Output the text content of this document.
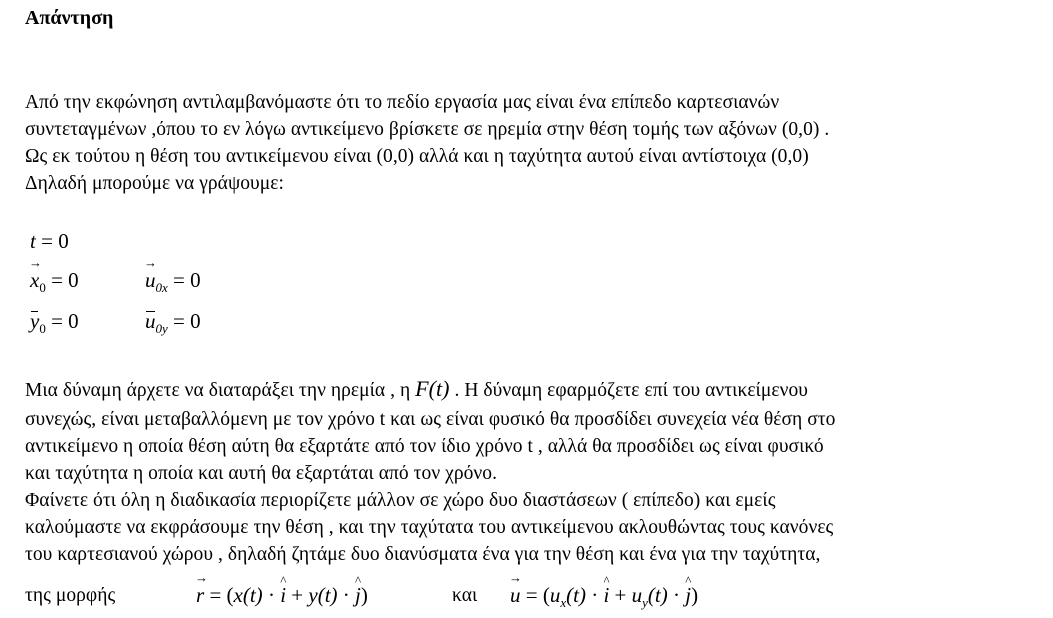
Απάντηση
Από την εκφώνηση αντιλαμβανόμαστε ότι το πεδίο εργασία μας είναι ένα επίπεδο καρτεσιανών
συντεταγμένων ,όπου το εν λόγω αντικείμενο βρίσκετε σε ηρεμία στην θέση τομής των αξόνων (0,0) .
Ως εκ τούτου η θέση του αντικείμενου είναι (0,0) αλλά και η ταχύτητα αυτού είναι αντίστοιχα (0,0)
Δηλαδή μπορούμε να γράψουμε:
t = 0
→ $x_0 = 0$
→	$u_{0x} = 0$
$y_0 = 0$	$u_{0y} = 0$
Μια δύναμη άρχετε να διαταράξει την ηρεμία , η F(t) . Η δύναμη εφαρμόζετε επί του αντικείμενου
συνεχώς, είναι μεταβαλλόμενη με τον χρόνο t και ως είναι φυσικό θα προσδίδει συνεχεία νέα θέση στο
αντικείμενο η οποία θέση αύτη θα εξαρτάτε από τον ίδιο χρόνο t , αλλά θα προσδίδει ως είναι φυσικό
και ταχύτητα η οποία και αυτή θα εξαρτάται από τον χρόνο.
Φαίνετε ότι όλη η διαδικασία περιορίζετε μάλλον σε χώρο δυο διαστάσεων ( επίπεδο) και εμείς
καλούμαστε να εκφράσουμε την θέση , και την ταχύτατα του αντικείμενου ακλουθώντας τους κανόνες
του καρτεσιανού χώρου , δηλαδή ζητάμε δυο διανύσματα ένα για την θέση και ένα για την ταχύτητα,
της μορφής
→	r = (x(t) · ^ i + y(t) · ^ j)	και
→ $u = (u_x(t)$ · ^ $i + u_y(t)$ · ^ j)
